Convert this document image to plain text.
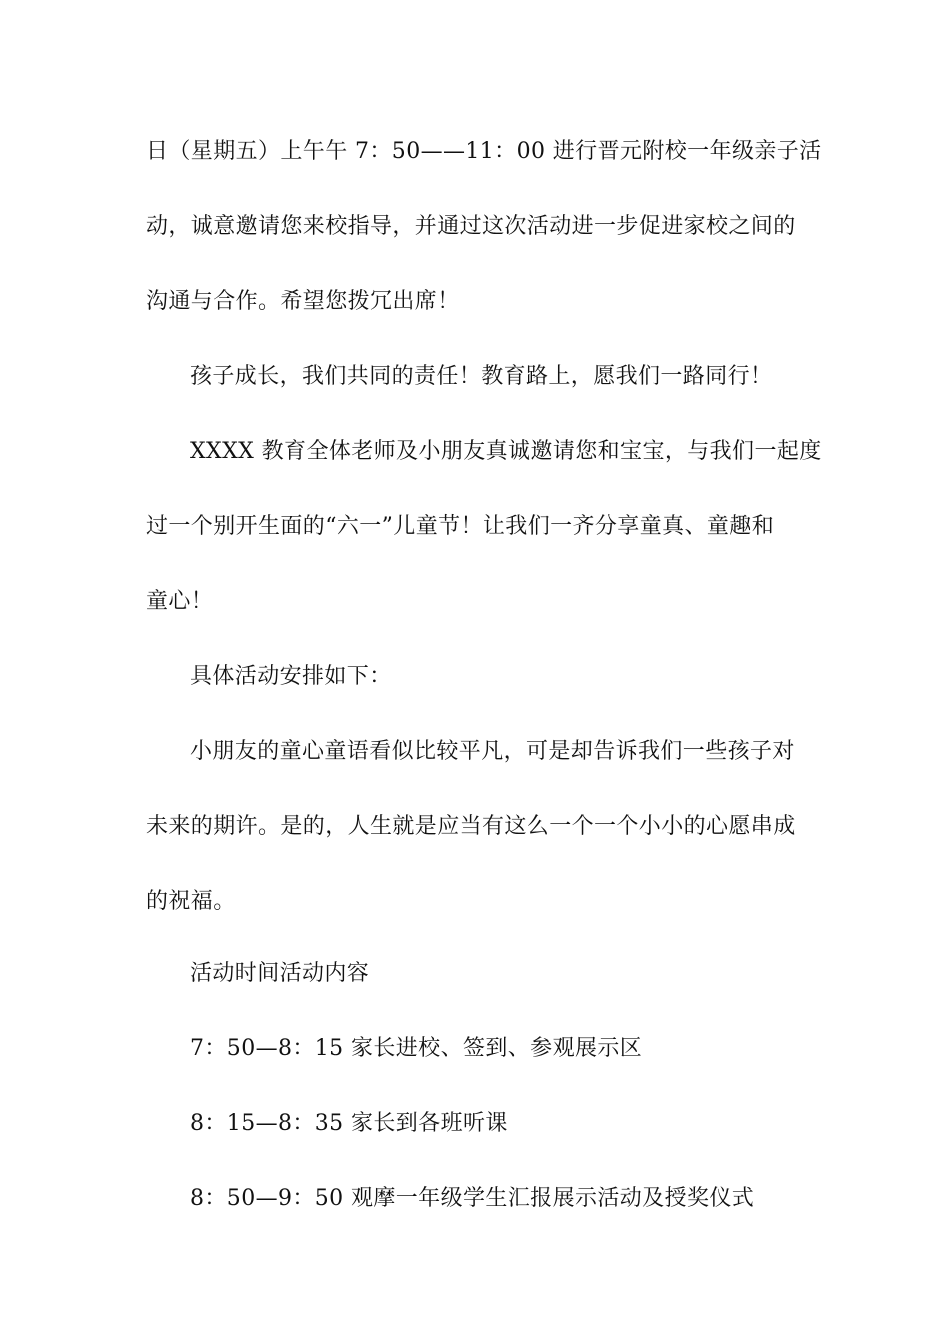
日（星期五）上午午 7：50——11：00 进行晋元附校一年级亲子活
动，诚意邀请您来校指导，并通过这次活动进一步促进家校之间的
沟通与合作。希望您拨冗出席！
孩子成长，我们共同的责任！教育路上，愿我们一路同行！
XXXX 教育全体老师及小朋友真诚邀请您和宝宝，与我们一起度
过一个别开生面的“六一”儿童节！让我们一齐分享童真、童趣和
童心！
具体活动安排如下：
小朋友的童心童语看似比较平凡，可是却告诉我们一些孩子对
未来的期许。是的，人生就是应当有这么一个一个小小的心愿串成
的祝福。
活动时间活动内容
7：50—8：15 家长进校、签到、参观展示区
8：15—8：35 家长到各班听课
8：50—9：50 观摩一年级学生汇报展示活动及授奖仪式
